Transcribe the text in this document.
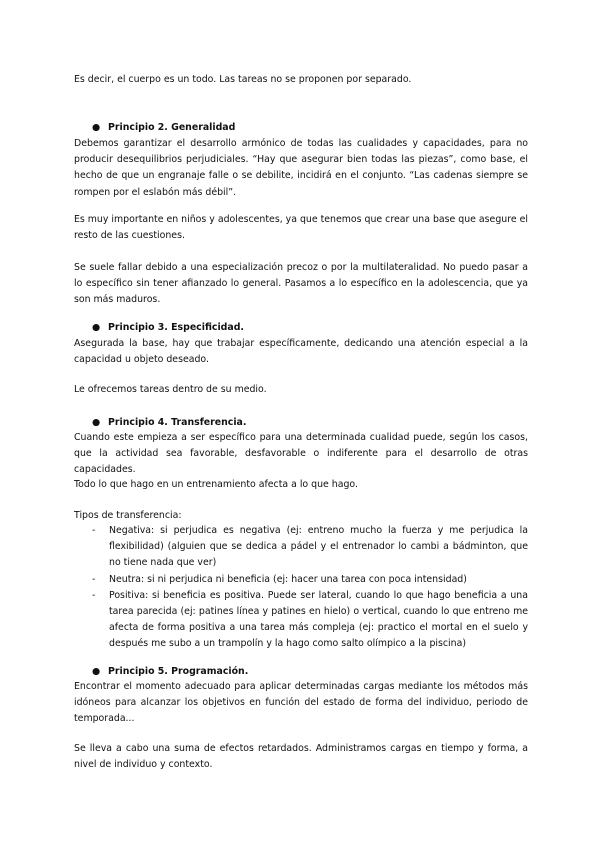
Es decir, el cuerpo es un todo. Las tareas no se proponen por separado.

● Principio 2. Generalidad

Debemos garantizar el desarrollo armónico de todas las cualidades y capacidades, para no producir desequilibrios perjudiciales. “Hay que asegurar bien todas las piezas”, como base, el hecho de que un engranaje falle o se debilite, incidirá en el conjunto. “Las cadenas siempre se rompen por el eslabón más débil”.

Es muy importante en niños y adolescentes, ya que tenemos que crear una base que asegure el resto de las cuestiones.

Se suele fallar debido a una especialización precoz o por la multilateralidad. No puedo pasar a lo específico sin tener afianzado lo general. Pasamos a lo específico en la adolescencia, que ya son más maduros.

● Principio 3. Especificidad.

Asegurada la base, hay que trabajar específicamente, dedicando una atención especial a la capacidad u objeto deseado.

Le ofrecemos tareas dentro de su medio.

● Principio 4. Transferencia.

Cuando este empieza a ser específico para una determinada cualidad puede, según los casos, que la actividad sea favorable, desfavorable o indiferente para el desarrollo de otras capacidades.

Todo lo que hago en un entrenamiento afecta a lo que hago.

Tipos de transferencia:

- Negativa: si perjudica es negativa (ej: entreno mucho la fuerza y me perjudica la flexibilidad) (alguien que se dedica a pádel y el entrenador lo cambi a bádminton, que no tiene nada que ver)
- Neutra: si ni perjudica ni beneficia (ej: hacer una tarea con poca intensidad)
- Positiva: si beneficia es positiva. Puede ser lateral, cuando lo que hago beneficia a una tarea parecida (ej: patines línea y patines en hielo) o vertical, cuando lo que entreno me afecta de forma positiva a una tarea más compleja (ej: practico el mortal en el suelo y después me subo a un trampolín y la hago como salto olímpico a la piscina)
● Principio 5. Programación.

Encontrar el momento adecuado para aplicar determinadas cargas mediante los métodos más idóneos para alcanzar los objetivos en función del estado de forma del individuo, periodo de temporada...

Se lleva a cabo una suma de efectos retardados. Administramos cargas en tiempo y forma, a nivel de individuo y contexto.
